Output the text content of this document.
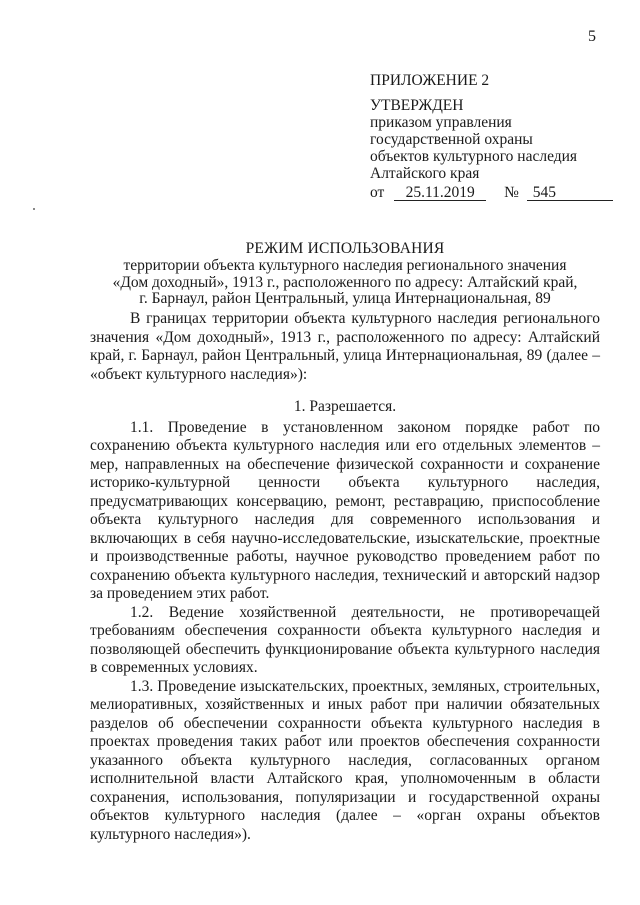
5
ПРИЛОЖЕНИЕ 2
УТВЕРЖДЕН
приказом управления
государственной охраны
объектов культурного наследия
Алтайского края
от 25.11.2019 № 545
РЕЖИМ ИСПОЛЬЗОВАНИЯ
территории объекта культурного наследия регионального значения
«Дом доходный», 1913 г., расположенного по адресу: Алтайский край,
г. Барнаул, район Центральный, улица Интернациональная, 89

В границах территории объекта культурного наследия регионального значения «Дом доходный», 1913 г., расположенного по адресу: Алтайский край, г. Барнаул, район Центральный, улица Интернациональная, 89 (далее – «объект культурного наследия»):

1. Разрешается.

1.1. Проведение в установленном законом порядке работ по сохранению объекта культурного наследия или его отдельных элементов – мер, направленных на обеспечение физической сохранности и сохранение историко-культурной ценности объекта культурного наследия, предусматривающих консервацию, ремонт, реставрацию, приспособление объекта культурного наследия для современного использования и включающих в себя научно-исследовательские, изыскательские, проектные и производственные работы, научное руководство проведением работ по сохранению объекта культурного наследия, технический и авторский надзор за проведением этих работ.

1.2. Ведение хозяйственной деятельности, не противоречащей требованиям обеспечения сохранности объекта культурного наследия и позволяющей обеспечить функционирование объекта культурного наследия в современных условиях.

1.3. Проведение изыскательских, проектных, земляных, строительных, мелиоративных, хозяйственных и иных работ при наличии обязательных разделов об обеспечении сохранности объекта культурного наследия в проектах проведения таких работ или проектов обеспечения сохранности указанного объекта культурного наследия, согласованных органом исполнительной власти Алтайского края, уполномоченным в области сохранения, использования, популяризации и государственной охраны объектов культурного наследия (далее – «орган охраны объектов культурного наследия»).
